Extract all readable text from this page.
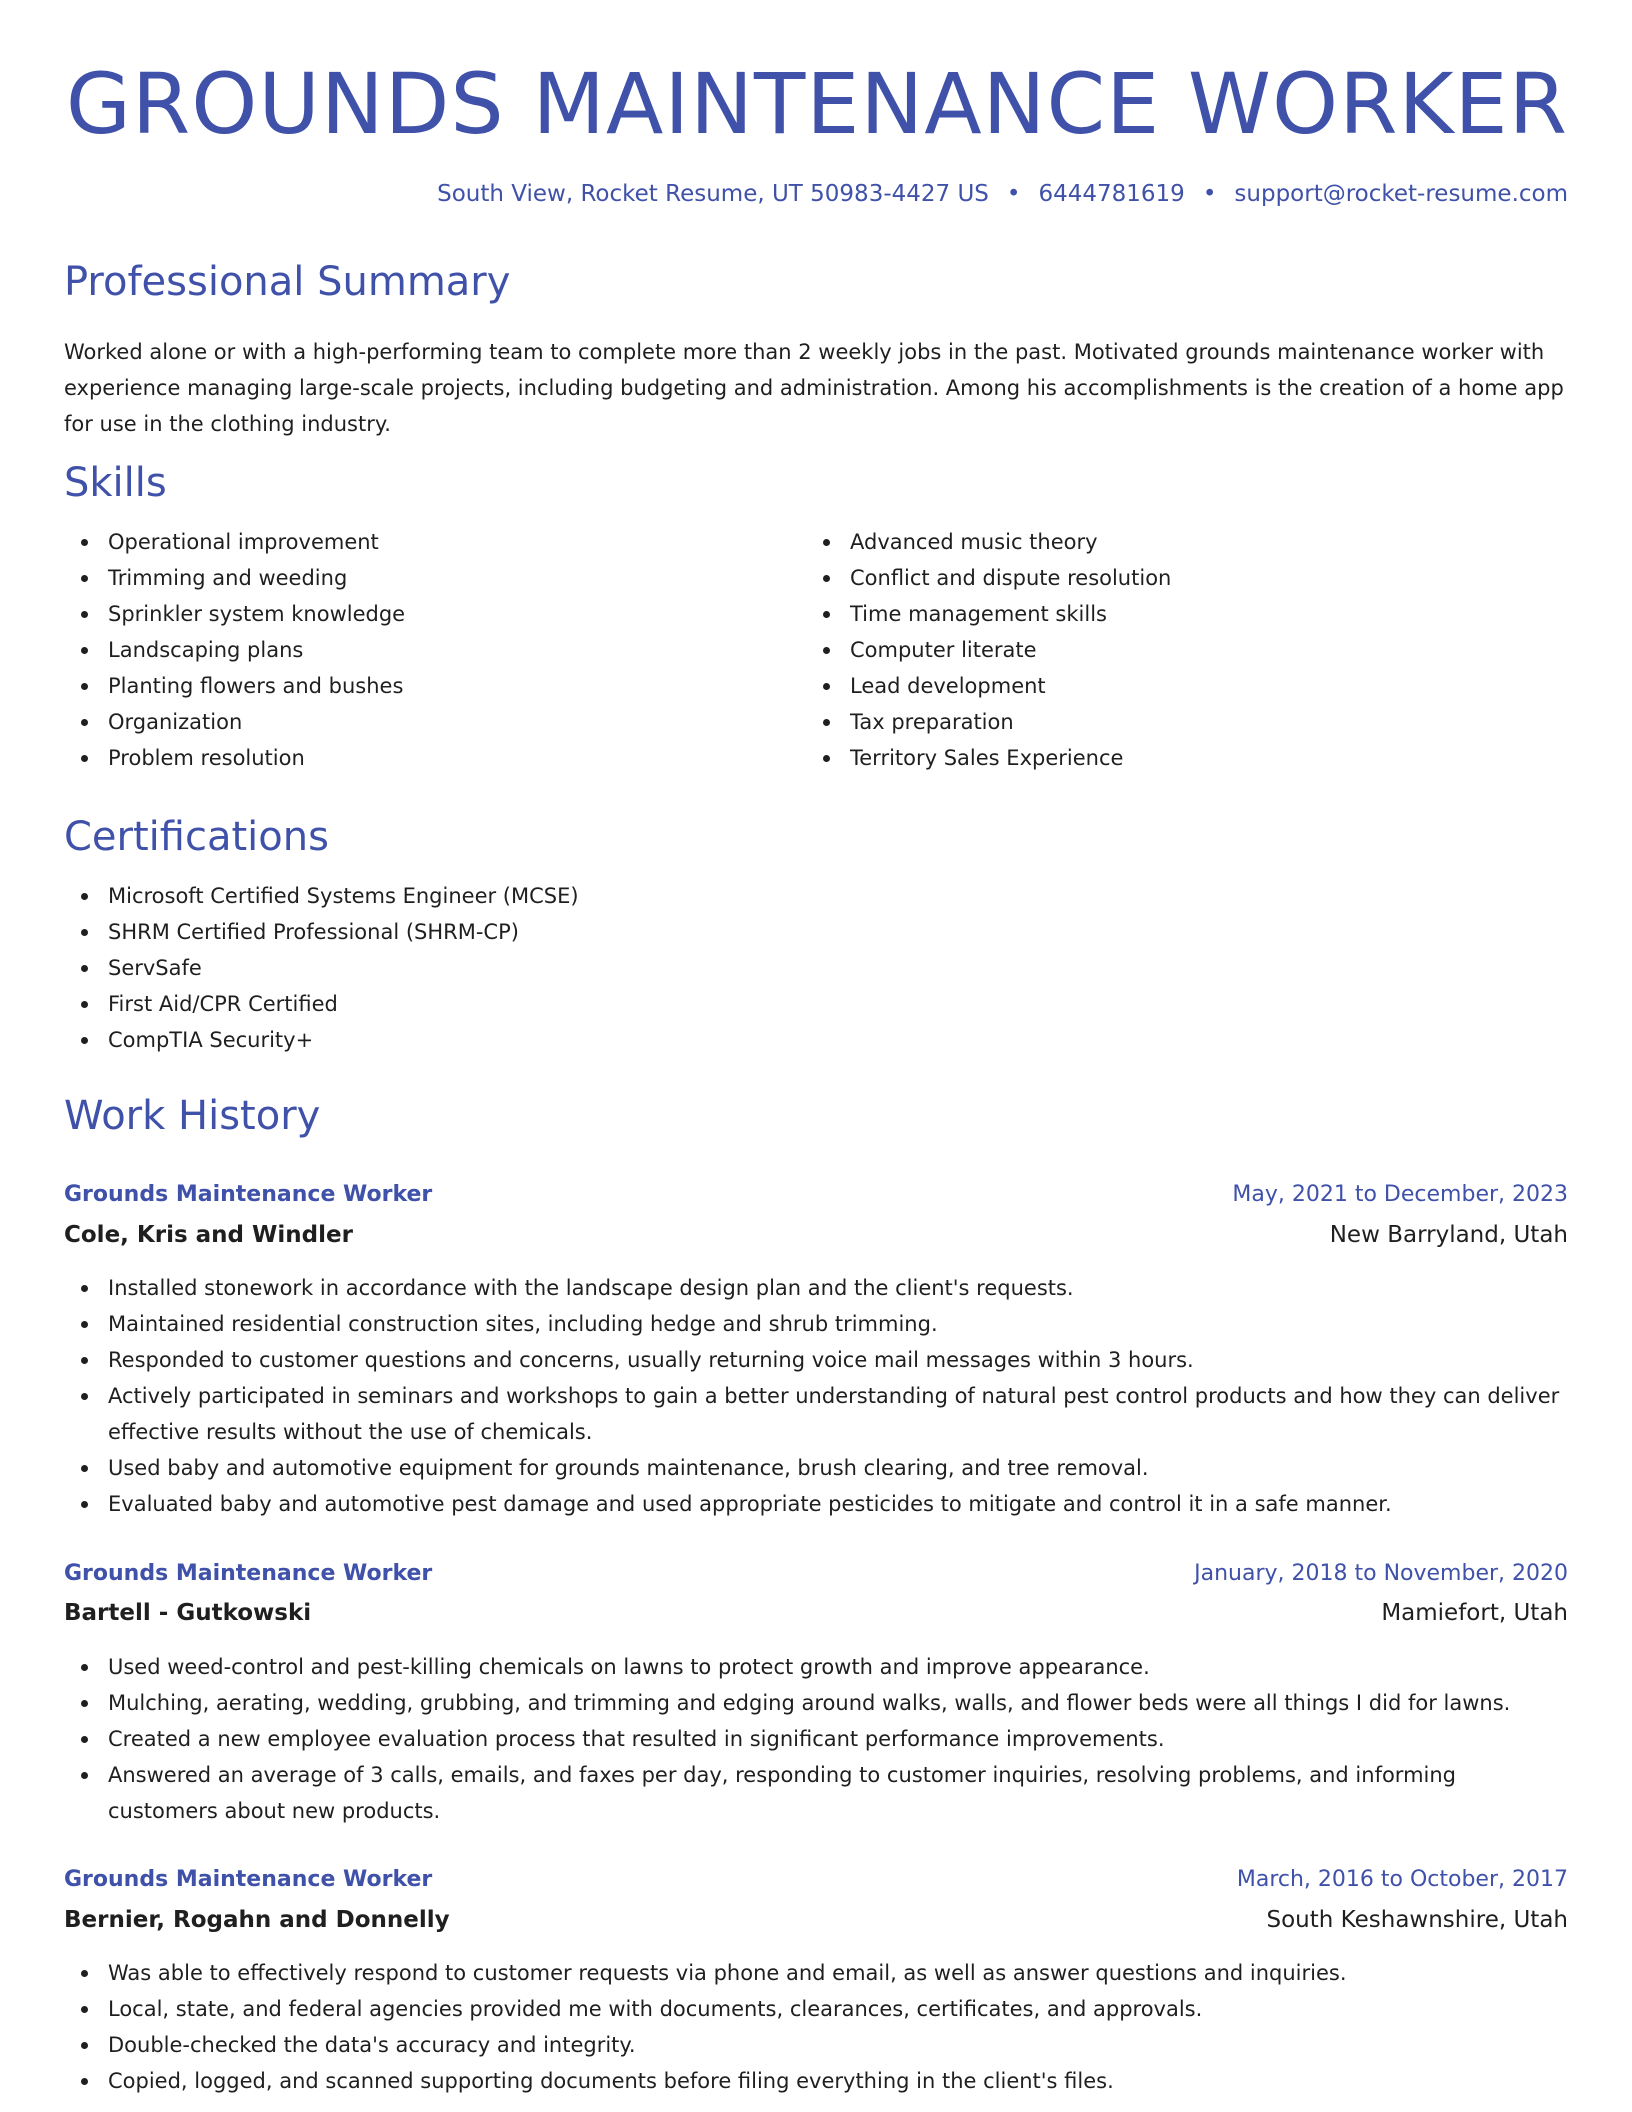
GROUNDS MAINTENANCE WORKER
South View, Rocket Resume, UT 50983-4427 US • 6444781619 • support@rocket-resume.com
Professional Summary

Worked alone or with a high-performing team to complete more than 2 weekly jobs in the past. Motivated grounds maintenance worker with experience managing large-scale projects, including budgeting and administration. Among his accomplishments is the creation of a home app for use in the clothing industry.

Skills
Operational improvement
Trimming and weeding
Sprinkler system knowledge
Landscaping plans
Planting flowers and bushes
Organization
Problem resolution
Advanced music theory
Conflict and dispute resolution
Time management skills
Computer literate
Lead development
Tax preparation
Territory Sales Experience
Certifications
Microsoft Certified Systems Engineer (MCSE)
SHRM Certified Professional (SHRM-CP)
ServSafe
First Aid/CPR Certified
CompTIA Security+
Work History
Grounds Maintenance Worker	May, 2021 to December, 2023
Cole, Kris and Windler	New Barryland, Utah
Installed stonework in accordance with the landscape design plan and the client's requests.
Maintained residential construction sites, including hedge and shrub trimming.
Responded to customer questions and concerns, usually returning voice mail messages within 3 hours.
Actively participated in seminars and workshops to gain a better understanding of natural pest control products and how they can deliver effective results without the use of chemicals.
Used baby and automotive equipment for grounds maintenance, brush clearing, and tree removal.
Evaluated baby and automotive pest damage and used appropriate pesticides to mitigate and control it in a safe manner.
Grounds Maintenance Worker	January, 2018 to November, 2020
Bartell - Gutkowski	Mamiefort, Utah
Used weed-control and pest-killing chemicals on lawns to protect growth and improve appearance.
Mulching, aerating, wedding, grubbing, and trimming and edging around walks, walls, and flower beds were all things I did for lawns.
Created a new employee evaluation process that resulted in significant performance improvements.
Answered an average of 3 calls, emails, and faxes per day, responding to customer inquiries, resolving problems, and informing customers about new products.
Grounds Maintenance Worker	March, 2016 to October, 2017
Bernier, Rogahn and Donnelly	South Keshawnshire, Utah
Was able to effectively respond to customer requests via phone and email, as well as answer questions and inquiries.
Local, state, and federal agencies provided me with documents, clearances, certificates, and approvals.
Double-checked the data's accuracy and integrity.
Copied, logged, and scanned supporting documents before filing everything in the client's files.
